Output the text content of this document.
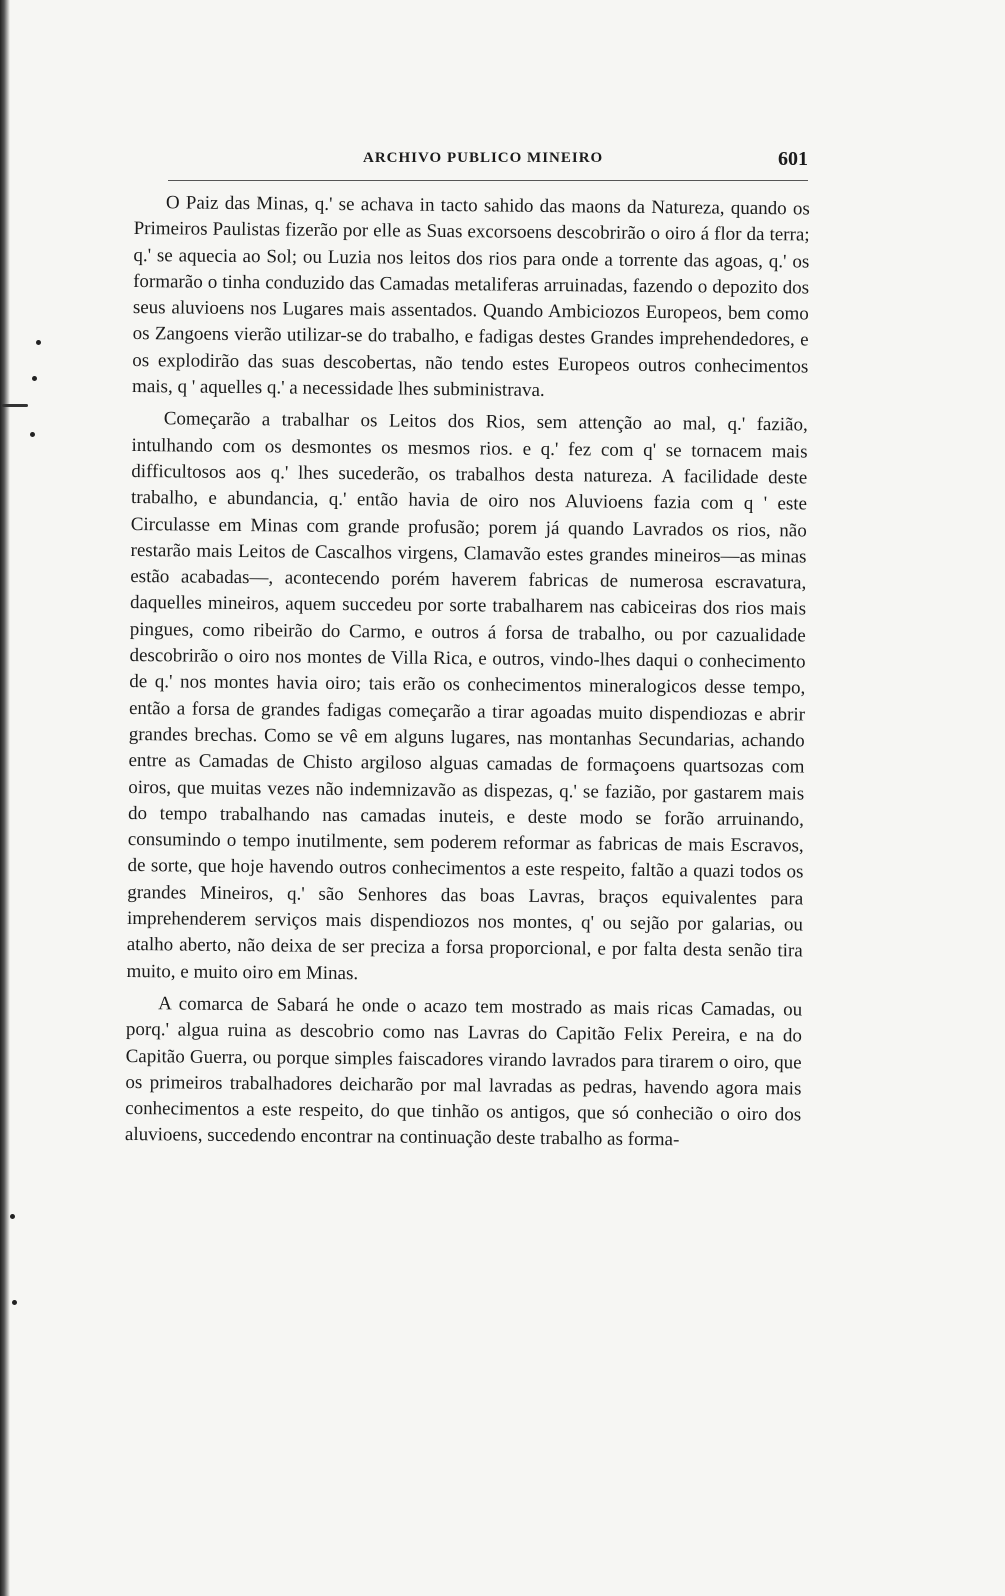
ARCHIVO PUBLICO MINEIRO	601

O Paiz das Minas, q.' se achava in tacto sahido das maons da Natureza, quando os Primeiros Paulistas fizerão por elle as Suas excorsoens descobrirão o oiro á flor da terra; q.' se aquecia ao Sol; ou Luzia nos leitos dos rios para onde a torrente das agoas, q.' os formarão o tinha conduzido das Camadas metaliferas arruinadas, fazendo o depozito dos seus aluvioens nos Lugares mais assentados. Quando Ambiciozos Europeos, bem como os Zangoens vierão utilizar-se do trabalho, e fadigas destes Grandes imprehendedores, e os explodirão das suas descobertas, não tendo estes Europeos outros conhecimentos mais, q ' aquelles q.' a necessidade lhes subministrava.

Começarão a trabalhar os Leitos dos Rios, sem attenção ao mal, q.' fazião, intulhando com os desmontes os mesmos rios. e q.' fez com q' se tornacem mais difficultosos aos q.' lhes sucederão, os trabalhos desta natureza. A facilidade deste trabalho, e abundancia, q.' então havia de oiro nos Aluvioens fazia com q ' este Circulasse em Minas com grande profusão; porem já quando Lavrados os rios, não restarão mais Leitos de Cascalhos virgens, Clamavão estes grandes mineiros—as minas estão acabadas—, acontecendo porém haverem fabricas de numerosa escravatura, daquelles mineiros, aquem succedeu por sorte trabalharem nas cabiceiras dos rios mais pingues, como ribeirão do Carmo, e outros á forsa de trabalho, ou por cazualidade descobrirão o oiro nos montes de Villa Rica, e outros, vindo-lhes daqui o conhecimento de q.' nos montes havia oiro; tais erão os conhecimentos mineralogicos desse tempo, então a forsa de grandes fadigas começarão a tirar agoadas muito dispendiozas e abrir grandes brechas. Como se vê em alguns lugares, nas montanhas Secundarias, achando entre as Camadas de Chisto argiloso alguas camadas de formaçoens quartsozas com oiros, que muitas vezes não indemnizavão as dispezas, q.' se fazião, por gastarem mais do tempo trabalhando nas camadas inuteis, e deste modo se forão arruinando, consumindo o tempo inutilmente, sem poderem reformar as fabricas de mais Escravos, de sorte, que hoje havendo outros conhecimentos a este respeito, faltão a quazi todos os grandes Mineiros, q.' são Senhores das boas Lavras, braços equivalentes para imprehenderem serviços mais dispendiozos nos montes, q' ou sejão por galarias, ou atalho aberto, não deixa de ser preciza a forsa proporcional, e por falta desta senão tira muito, e muito oiro em Minas.

A comarca de Sabará he onde o acazo tem mostrado as mais ricas Camadas, ou porq.' algua ruina as descobrio como nas Lavras do Capitão Felix Pereira, e na do Capitão Guerra, ou porque simples faiscadores virando lavrados para tirarem o oiro, que os primeiros trabalhadores deicharão por mal lavradas as pedras, havendo agora mais conhecimentos a este respeito, do que tinhão os antigos, que só conhecião o oiro dos aluvioens, succedendo encontrar na continuação deste trabalho as forma-
